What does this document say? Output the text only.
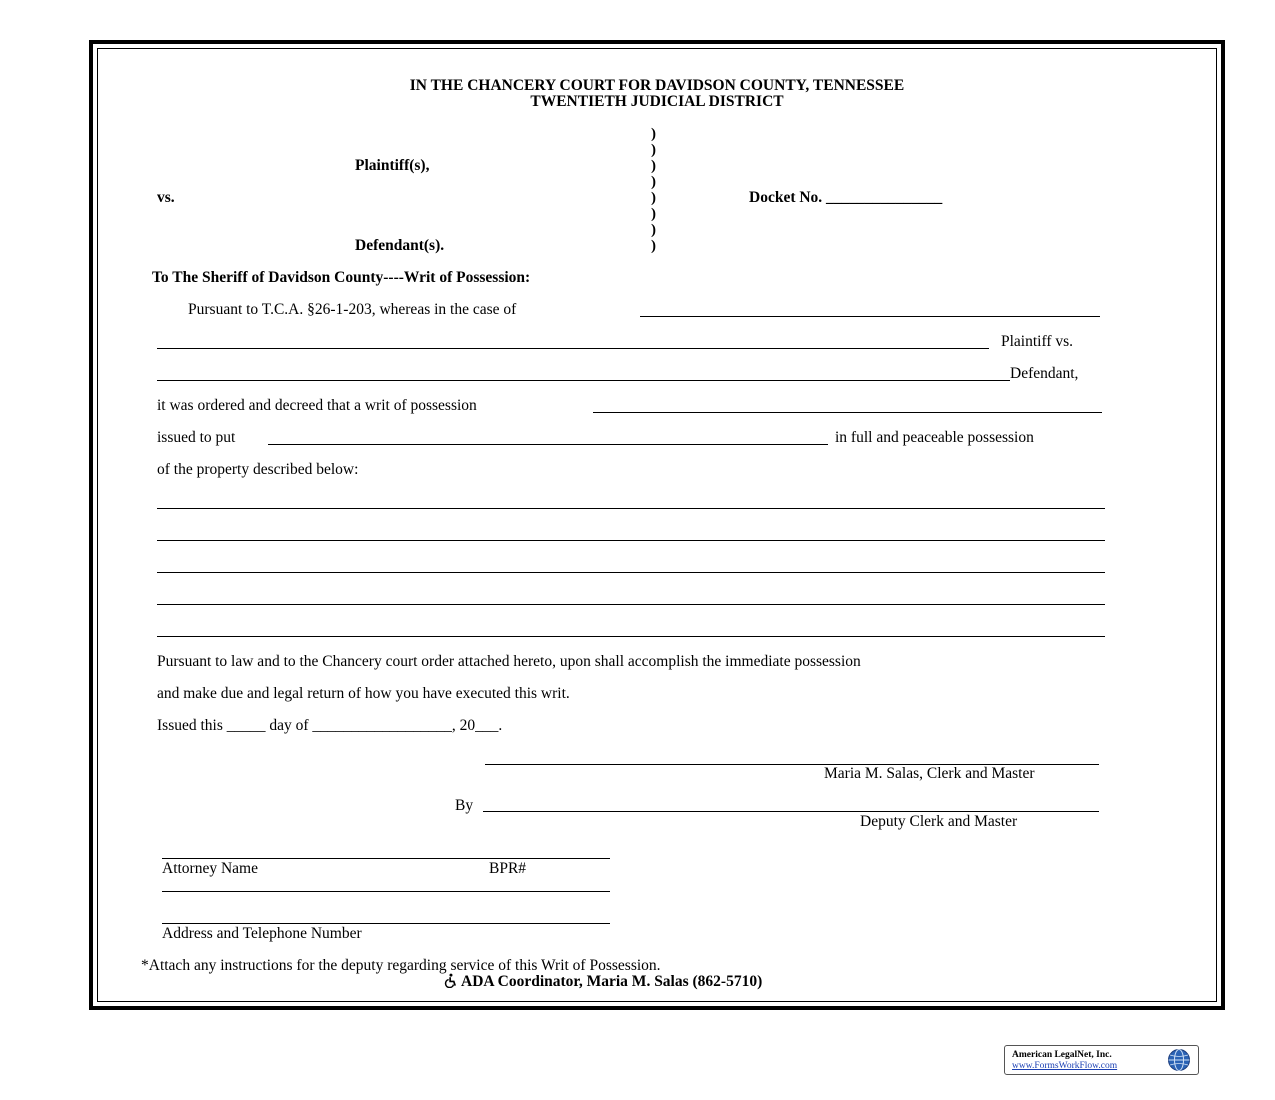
IN THE CHANCERY COURT FOR DAVIDSON COUNTY, TENNESSEE
TWENTIETH JUDICIAL DISTRICT
)
)
)
)
)
)
)
)
Plaintiff(s),
vs.	Docket No. _______________
Defendant(s).
To The Sheriff of Davidson County----Writ of Possession:
Pursuant to T.C.A. §26-1-203, whereas in the case of
Plaintiff vs.
Defendant,
it was ordered and decreed that a writ of possession
issued to put	in full and peaceable possession
of the property described below:
Pursuant to law and to the Chancery court order attached hereto, upon shall accomplish the immediate possession
and make due and legal return of how you have executed this writ.
Issued this _____ day of __________________, 20___.
Maria M. Salas, Clerk and Master
By
Deputy Clerk and Master
Attorney Name	BPR#
Address and Telephone Number
*Attach any instructions for the deputy regarding service of this Writ of Possession.
ADA Coordinator, Maria M. Salas (862-5710)
American LegalNet, Inc.
www.FormsWorkFlow.com
